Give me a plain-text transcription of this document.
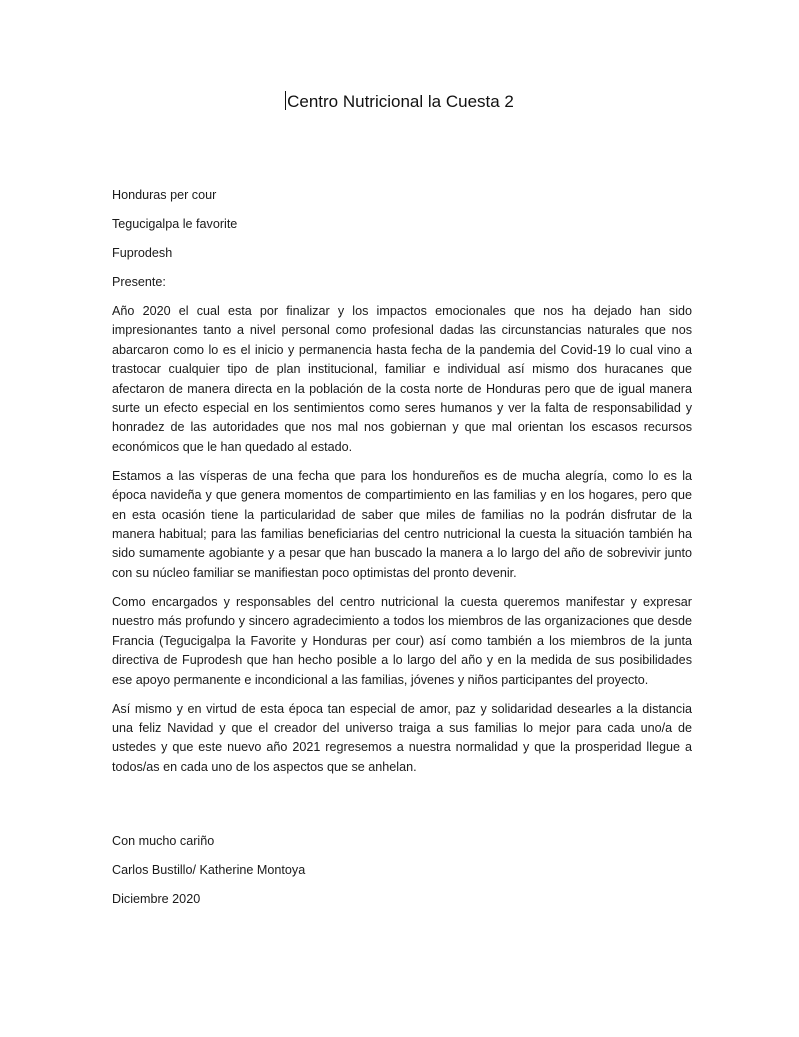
Centro Nutricional la Cuesta 2

Honduras per cour

Tegucigalpa le favorite

Fuprodesh

Presente:

Año 2020 el cual esta por finalizar y los impactos emocionales que nos ha dejado han sido impresionantes tanto a nivel personal como profesional dadas las circunstancias naturales que nos abarcaron como lo es el inicio y permanencia hasta fecha de la pandemia del Covid-19 lo cual vino a trastocar cualquier tipo de plan institucional, familiar e individual así mismo dos huracanes que afectaron de manera directa en la población de la costa norte de Honduras pero que de igual manera surte un efecto especial en los sentimientos como seres humanos y ver la falta de responsabilidad y honradez de las autoridades que nos mal nos gobiernan y que mal orientan los escasos recursos económicos que le han quedado al estado.

Estamos a las vísperas de una fecha que para los hondureños es de mucha alegría, como lo es la época navideña y que genera momentos de compartimiento en las familias y en los hogares, pero que en esta ocasión tiene la particularidad de saber que miles de familias no la podrán disfrutar de la manera habitual; para las familias beneficiarias del centro nutricional la cuesta la situación también ha sido sumamente agobiante y a pesar que han buscado la manera a lo largo del año de sobrevivir junto con su núcleo familiar se manifiestan poco optimistas del pronto devenir.

Como encargados y responsables del centro nutricional la cuesta queremos manifestar y expresar nuestro más profundo y sincero agradecimiento a todos los miembros de las organizaciones que desde Francia (Tegucigalpa la Favorite y Honduras per cour) así como también a los miembros de la junta directiva de Fuprodesh que han hecho posible a lo largo del año y en la medida de sus posibilidades ese apoyo permanente e incondicional a las familias, jóvenes y niños participantes del proyecto.

Así mismo y en virtud de esta época tan especial de amor, paz y solidaridad desearles a la distancia una feliz Navidad y que el creador del universo traiga a sus familias lo mejor para cada uno/a de ustedes y que este nuevo año 2021 regresemos a nuestra normalidad y que la prosperidad llegue a todos/as en cada uno de los aspectos que se anhelan.

Con mucho cariño

Carlos Bustillo/ Katherine Montoya

Diciembre 2020
